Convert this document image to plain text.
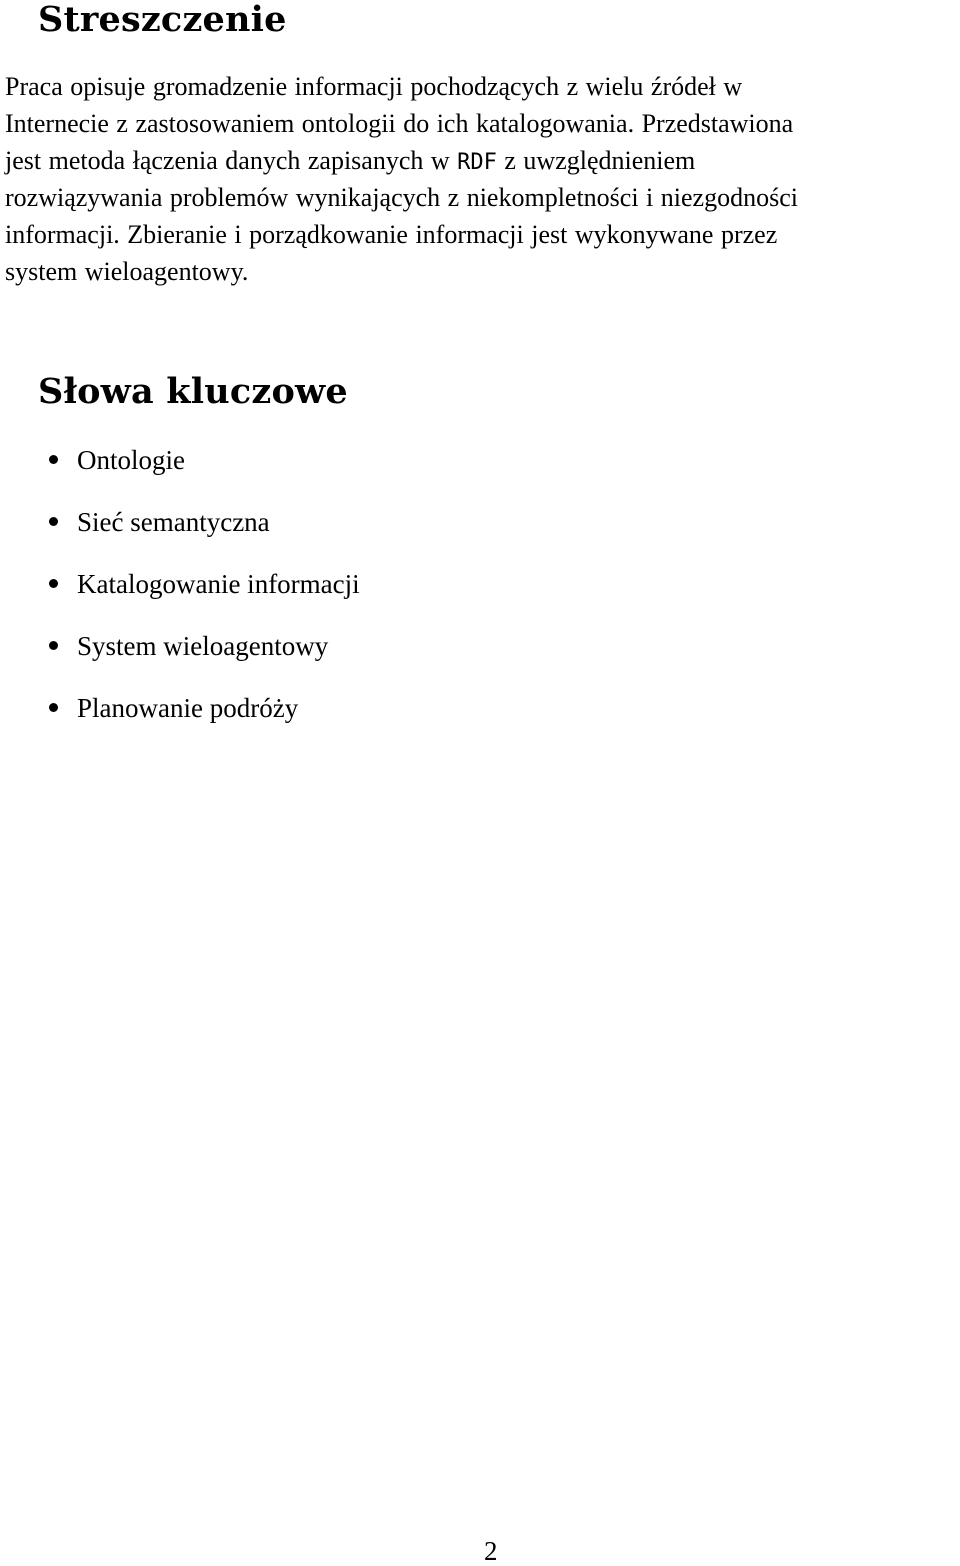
Streszczenie

Praca opisuje gromadzenie informacji pochodzących z wielu źródeł w
Internecie z zastosowaniem ontologii do ich katalogowania. Przedstawiona
jest metoda łączenia danych zapisanych w RDF z uwzględnieniem
rozwiązywania problemów wynikających z niekompletności i niezgodności
informacji. Zbieranie i porządkowanie informacji jest wykonywane przez
system wieloagentowy.

Słowa kluczowe
Ontologie
Sieć semantyczna
Katalogowanie informacji
System wieloagentowy
Planowanie podróży
2
